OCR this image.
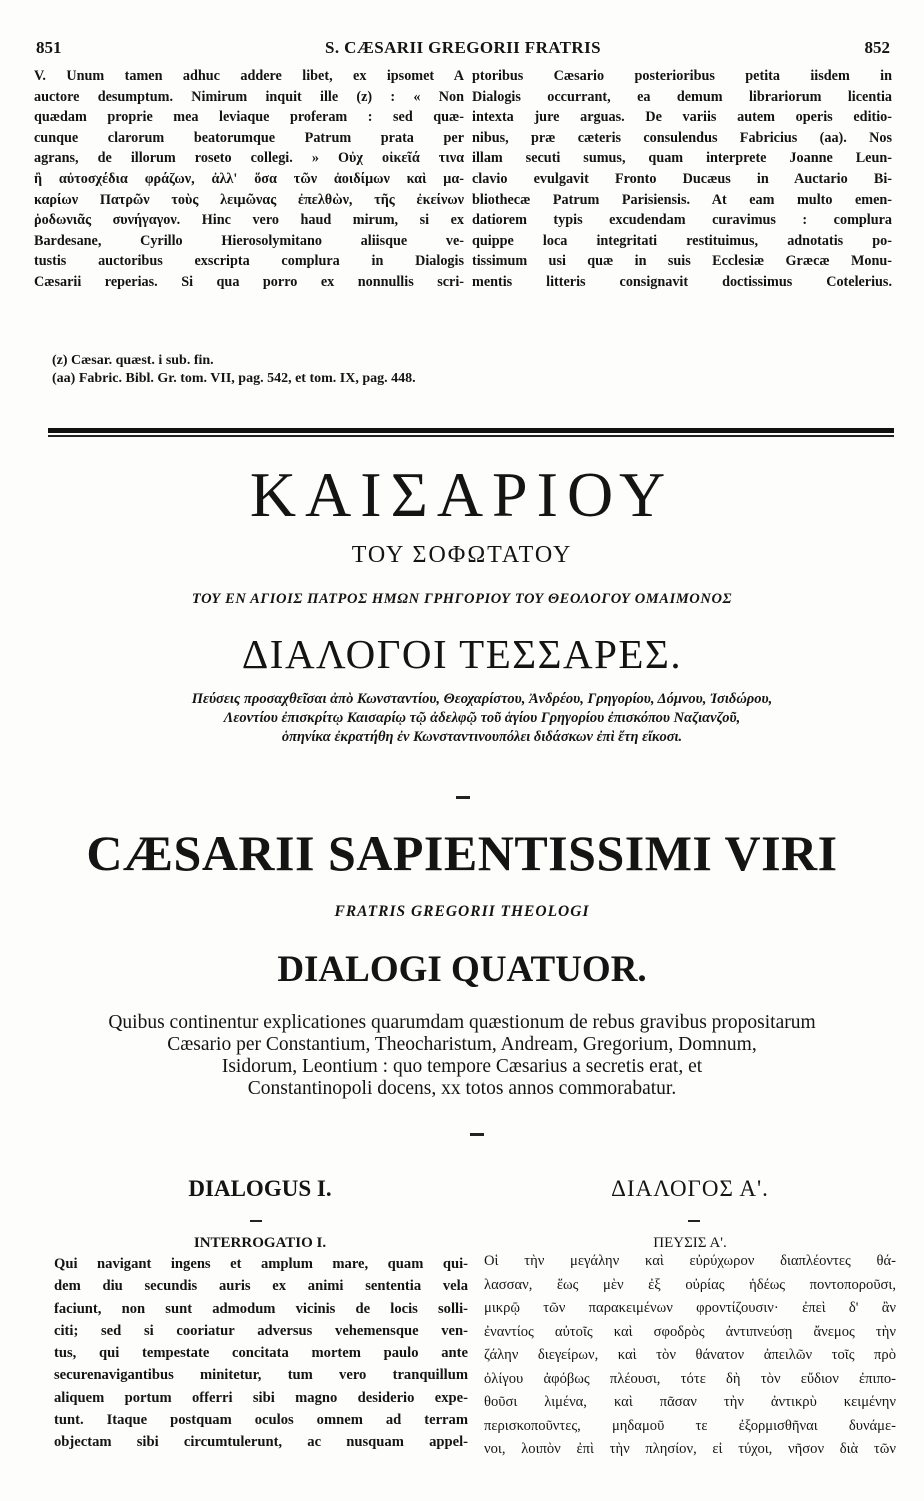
851	S. CÆSARII GREGORII FRATRIS	852
V. Unum tamen adhuc addere libet, ex ipsomet A
auctore desumptum. Nimirum inquit ille (z) : « Non
quædam proprie mea leviaque proferam : sed quæ-
cunque clarorum beatorumque Patrum prata per
agrans, de illorum roseto collegi. » Οὐχ οἰκεῖά τινα
ἢ αὐτοσχέδια φράζων, ἀλλ' ὅσα τῶν ἀοιδίμων καὶ μα-
καρίων Πατρῶν τοὺς λειμῶνας ἐπελθὼν, τῆς ἐκείνων
ῥοδωνιᾶς συνήγαγον. Hinc vero haud mirum, si ex
Bardesane, Cyrillo Hierosolymitano aliisque ve-
tustis auctoribus exscripta complura in Dialogis
Cæsarii reperias. Si qua porro ex nonnullis scri-
ptoribus Cæsario posterioribus petita iisdem in
Dialogis occurrant, ea demum librariorum licentia
intexta jure arguas. De variis autem operis editio-
nibus, præ cæteris consulendus Fabricius (aa). Nos
illam secuti sumus, quam interprete Joanne Leun-
clavio evulgavit Fronto Ducæus in Auctario Bi-
bliothecæ Patrum Parisiensis. At eam multo emen-
datiorem typis excudendam curavimus : complura
quippe loca integritati restituimus, adnotatis po-
tissimum usi quæ in suis Ecclesiæ Græcæ Monu-
mentis litteris consignavit doctissimus Cotelerius.
(z) Cæsar. quæst. i sub. fin.
(aa) Fabric. Bibl. Gr. tom. VII, pag. 542, et tom. IX, pag. 448.
ΚΑΙΣΑΡΙΟΥ
ΤΟΥ ΣΟΦΩΤΑΤΟΥ
ΤΟΥ ΕΝ ΑΓΙΟΙΣ ΠΑΤΡΟΣ ΗΜΩΝ ΓΡΗΓΟΡΙΟΥ ΤΟΥ ΘΕΟΛΟΓΟΥ ΟΜΑΙΜΟΝΟΣ
ΔΙΑΛΟΓΟΙ ΤΕΣΣΑΡΕΣ.
Πεύσεις προσαχθεῖσαι ἀπὸ Κωνσταντίου, Θεοχαρίστου, Ἀνδρέου, Γρηγορίου, Δόμνου, Ἰσιδώρου,
Λεοντίου ἐπισκρίτῳ Καισαρίῳ τῷ ἀδελφῷ τοῦ ἁγίου Γρηγορίου ἐπισκόπου Ναζιανζοῦ,
ὁπηνίκα ἐκρατήθη ἐν Κωνσταντινουπόλει διδάσκων ἐπὶ ἔτη εἴκοσι.
CÆSARII SAPIENTISSIMI VIRI
FRATRIS GREGORII THEOLOGI
DIALOGI QUATUOR.
Quibus continentur explicationes quarumdam quæstionum de rebus gravibus propositarum
Cæsario per Constantium, Theocharistum, Andream, Gregorium, Domnum,
Isidorum, Leontium : quo tempore Cæsarius a secretis erat, et
Constantinopoli docens, xx totos annos commorabatur.
DIALOGUS I.	ΔΙΑΛΟΓΟΣ Α'.
INTERROGATIO I.	ΠΕΥΣΙΣ Α'.
Qui navigant ingens et amplum mare, quam qui-
dem diu secundis auris ex animi sententia vela
faciunt, non sunt admodum vicinis de locis solli-
citi; sed si cooriatur adversus vehemensque ven-
tus, qui tempestate concitata mortem paulo ante
securenavigantibus minitetur, tum vero tranquillum
aliquem portum offerri sibi magno desiderio expe-
tunt. Itaque postquam oculos omnem ad terram
objectam sibi circumtulerunt, ac nusquam appel-
Οἱ τὴν μεγάλην καὶ εὐρύχωρον διαπλέοντες θά-
λασσαν, ἕως μὲν ἐξ οὐρίας ἡδέως ποντοποροῦσι,
μικρῷ τῶν παρακειμένων φροντίζουσιν· ἐπεὶ δ' ἂν
ἐναντίος αὐτοῖς καὶ σφοδρὸς ἀντιπνεύσῃ ἄνεμος τὴν
ζάλην διεγείρων, καὶ τὸν θάνατον ἀπειλῶν τοῖς πρὸ
ὀλίγου ἀφόβως πλέουσι, τότε δὴ τὸν εὔδιον ἐπιπο-
θοῦσι λιμένα, καὶ πᾶσαν τὴν ἀντικρὺ κειμένην
περισκοποῦντες, μηδαμοῦ τε ἐξορμισθῆναι δυνάμε-
νοι, λοιπὸν ἐπὶ τὴν πλησίον, εἰ τύχοι, νῆσον διὰ τῶν
